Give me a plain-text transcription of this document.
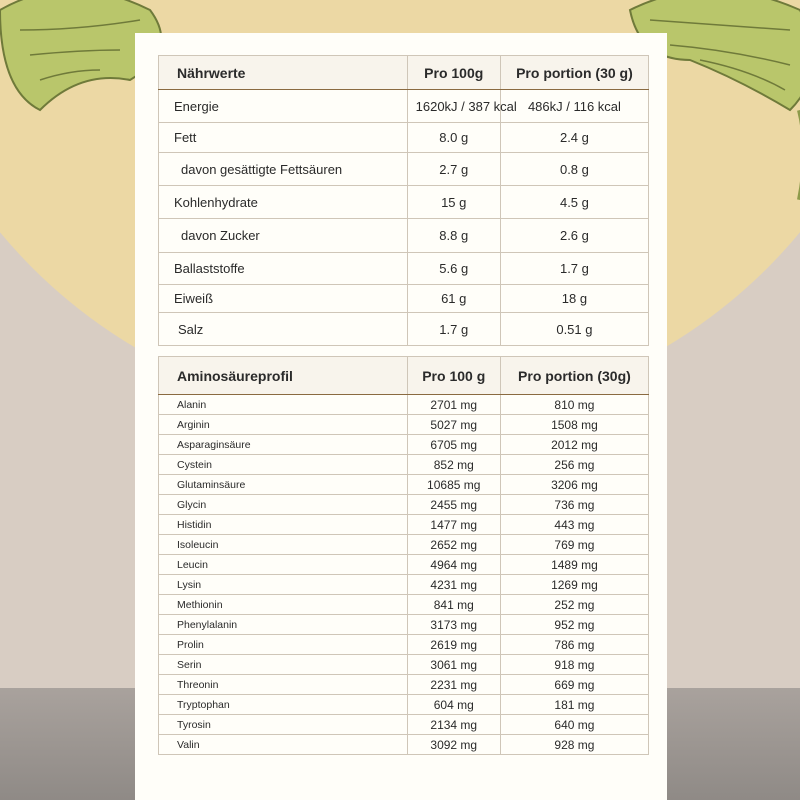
Nährwerte	Pro 100g	Pro portion (30 g)
Energie	1620kJ / 387 kcal	486kJ / 116 kcal
Fett	8.0 g	2.4 g
davon gesättigte Fettsäuren	2.7 g	0.8 g
Kohlenhydrate	15 g	4.5 g
davon Zucker	8.8 g	2.6 g
Ballaststoffe	5.6 g	1.7 g
Eiweiß	61 g	18 g
Salz	1.7 g	0.51 g
Aminosäureprofil	Pro 100 g	Pro portion (30g)
Alanin	2701 mg	810 mg
Arginin	5027 mg	1508 mg
Asparaginsäure	6705 mg	2012 mg
Cystein	852 mg	256 mg
Glutaminsäure	10685 mg	3206 mg
Glycin	2455 mg	736 mg
Histidin	1477 mg	443 mg
Isoleucin	2652 mg	769 mg
Leucin	4964 mg	1489 mg
Lysin	4231 mg	1269 mg
Methionin	841 mg	252 mg
Phenylalanin	3173 mg	952 mg
Prolin	2619 mg	786 mg
Serin	3061 mg	918 mg
Threonin	2231 mg	669 mg
Tryptophan	604 mg	181 mg
Tyrosin	2134 mg	640 mg
Valin	3092 mg	928 mg
